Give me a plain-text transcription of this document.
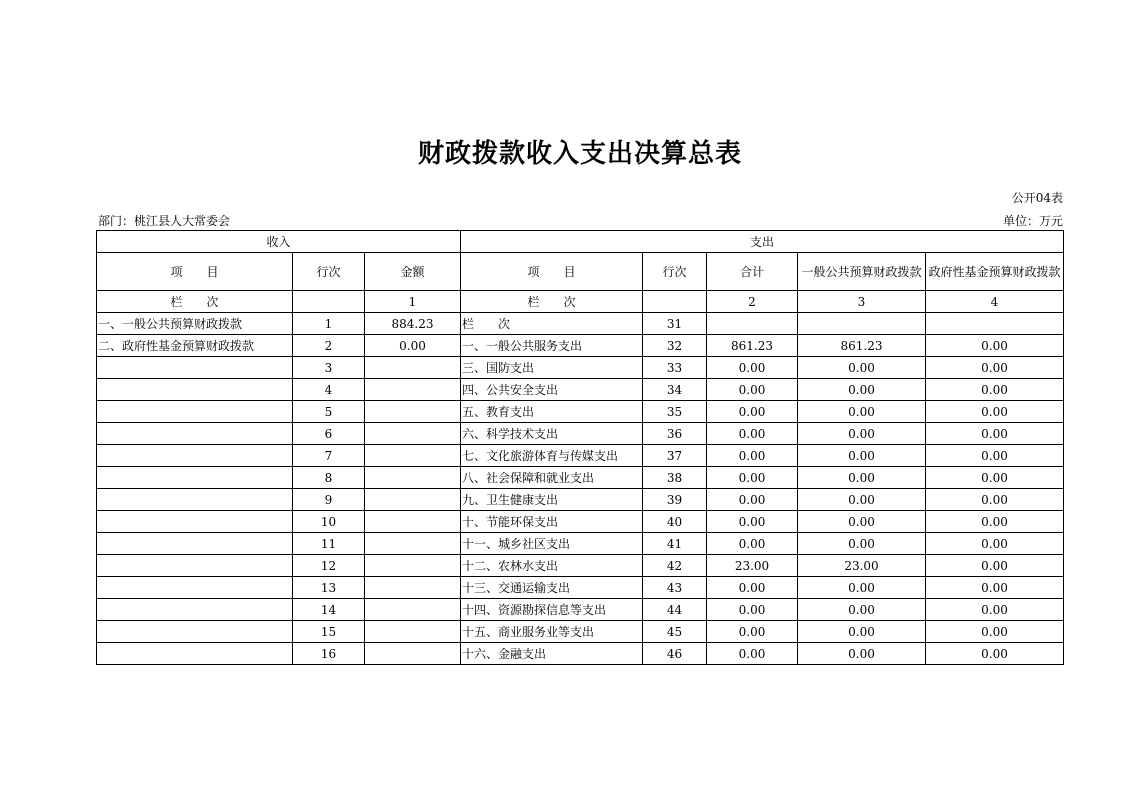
财政拨款收入支出决算总表
公开04表
部门：桃江县人大常委会	单位：万元
收入			支出				
项　　目	行次	金额	项　　目	行次	合计	一般公共预算财政拨款	政府性基金预算财政拨款
栏　　次		1	栏　　次		2	3	4
一、一般公共预算财政拨款	1	884.23	栏　　次	31			
二、政府性基金预算财政拨款	2	0.00	一、一般公共服务支出	32	861.23	861.23	0.00
	3		三、国防支出	33	0.00	0.00	0.00
	4		四、公共安全支出	34	0.00	0.00	0.00
	5		五、教育支出	35	0.00	0.00	0.00
	6		六、科学技术支出	36	0.00	0.00	0.00
	7		七、文化旅游体育与传媒支出	37	0.00	0.00	0.00
	8		八、社会保障和就业支出	38	0.00	0.00	0.00
	9		九、卫生健康支出	39	0.00	0.00	0.00
	10		十、节能环保支出	40	0.00	0.00	0.00
	11		十一、城乡社区支出	41	0.00	0.00	0.00
	12		十二、农林水支出	42	23.00	23.00	0.00
	13		十三、交通运输支出	43	0.00	0.00	0.00
	14		十四、资源勘探信息等支出	44	0.00	0.00	0.00
	15		十五、商业服务业等支出	45	0.00	0.00	0.00
	16		十六、金融支出	46	0.00	0.00	0.00
